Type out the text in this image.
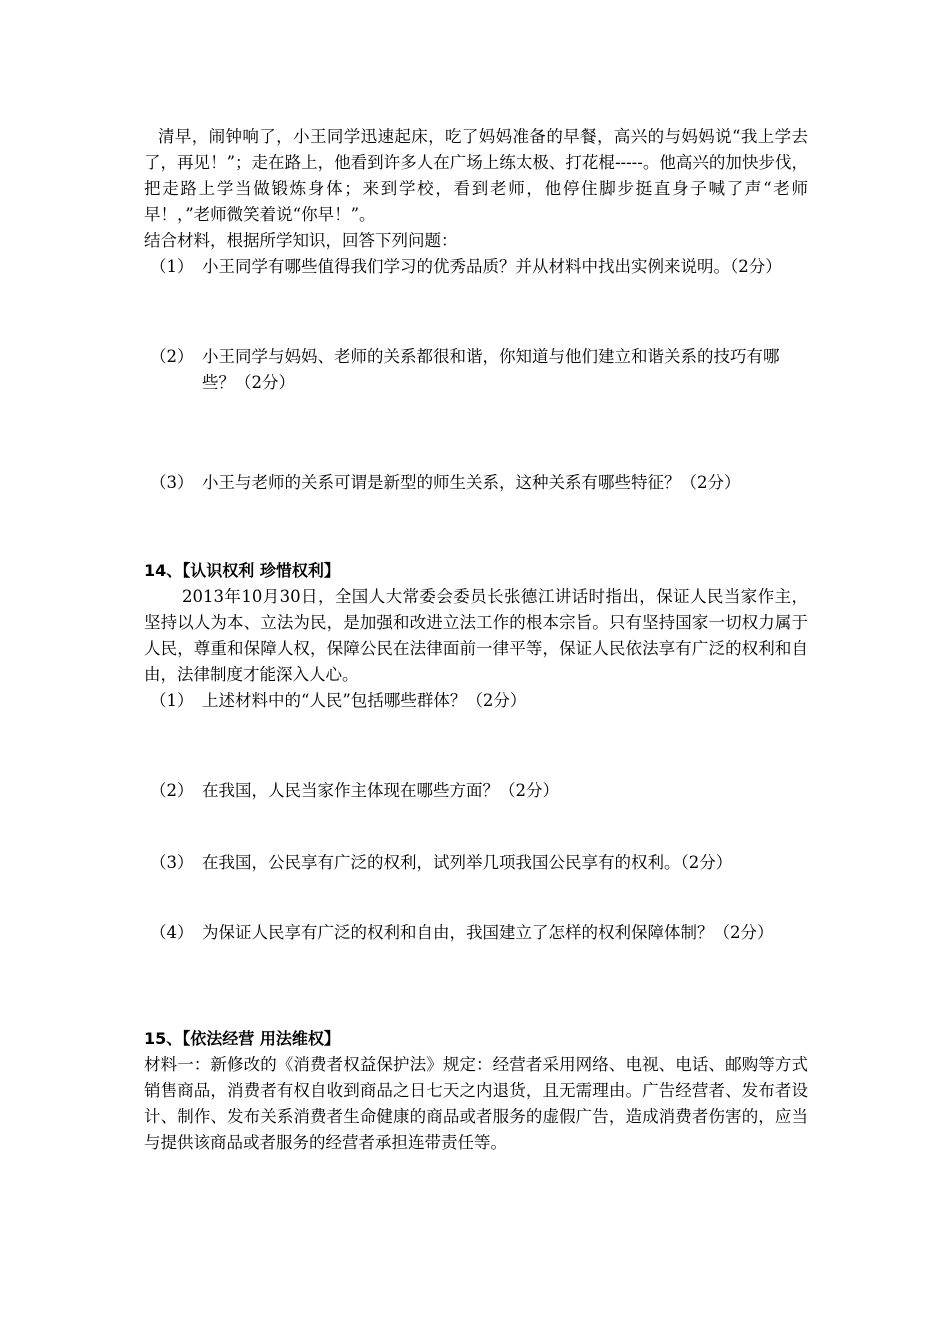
清早，闹钟响了，小王同学迅速起床，吃了妈妈准备的早餐，高兴的与妈妈说“我上学去了，再见！”；走在路上，他看到许多人在广场上练太极、打花棍-----。他高兴的加快步伐，把走路上学当做锻炼身体；来到学校，看到老师，他停住脚步挺直身子喊了声“老师早！，”老师微笑着说“你早！”。

结合材料，根据所学知识，回答下列问题：

（1） 小王同学有哪些值得我们学习的优秀品质？并从材料中找出实例来说明。（2分）
（2） 小王同学与妈妈、老师的关系都很和谐，你知道与他们建立和谐关系的技巧有哪些？（2分）
（3） 小王与老师的关系可谓是新型的师生关系，这种关系有哪些特征？（2分）

14、【认识权利 珍惜权利】

2013年10月30日，全国人大常委会委员长张德江讲话时指出，保证人民当家作主，坚持以人为本、立法为民，是加强和改进立法工作的根本宗旨。只有坚持国家一切权力属于人民，尊重和保障人权，保障公民在法律面前一律平等，保证人民依法享有广泛的权利和自由，法律制度才能深入人心。

（1） 上述材料中的“人民”包括哪些群体？（2分）
（2） 在我国，人民当家作主体现在哪些方面？（2分）
（3） 在我国，公民享有广泛的权利，试列举几项我国公民享有的权利。（2分）
（4） 为保证人民享有广泛的权利和自由，我国建立了怎样的权利保障体制？（2分）

15、【依法经营 用法维权】

材料一：新修改的《消费者权益保护法》规定：经营者采用网络、电视、电话、邮购等方式销售商品，消费者有权自收到商品之日七天之内退货，且无需理由。广告经营者、发布者设计、制作、发布关系消费者生命健康的商品或者服务的虚假广告，造成消费者伤害的，应当与提供该商品或者服务的经营者承担连带责任等。
